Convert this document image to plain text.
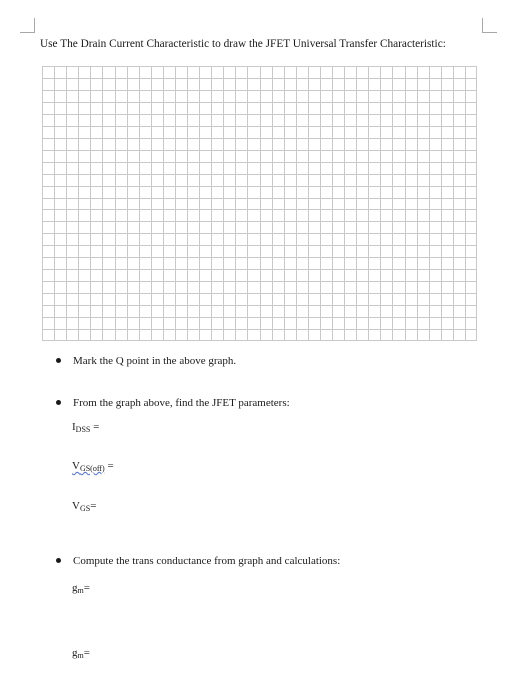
Use The Drain Current Characteristic to draw the JFET Universal Transfer Characteristic:
Mark the Q point in the above graph.
From the graph above, find the JFET parameters:
$I_{DSS}$ =
$V_{GS(off)}$ =
$V_{GS}=$
Compute the trans conductance from graph and calculations:
$g_m=$
$g_m=$
